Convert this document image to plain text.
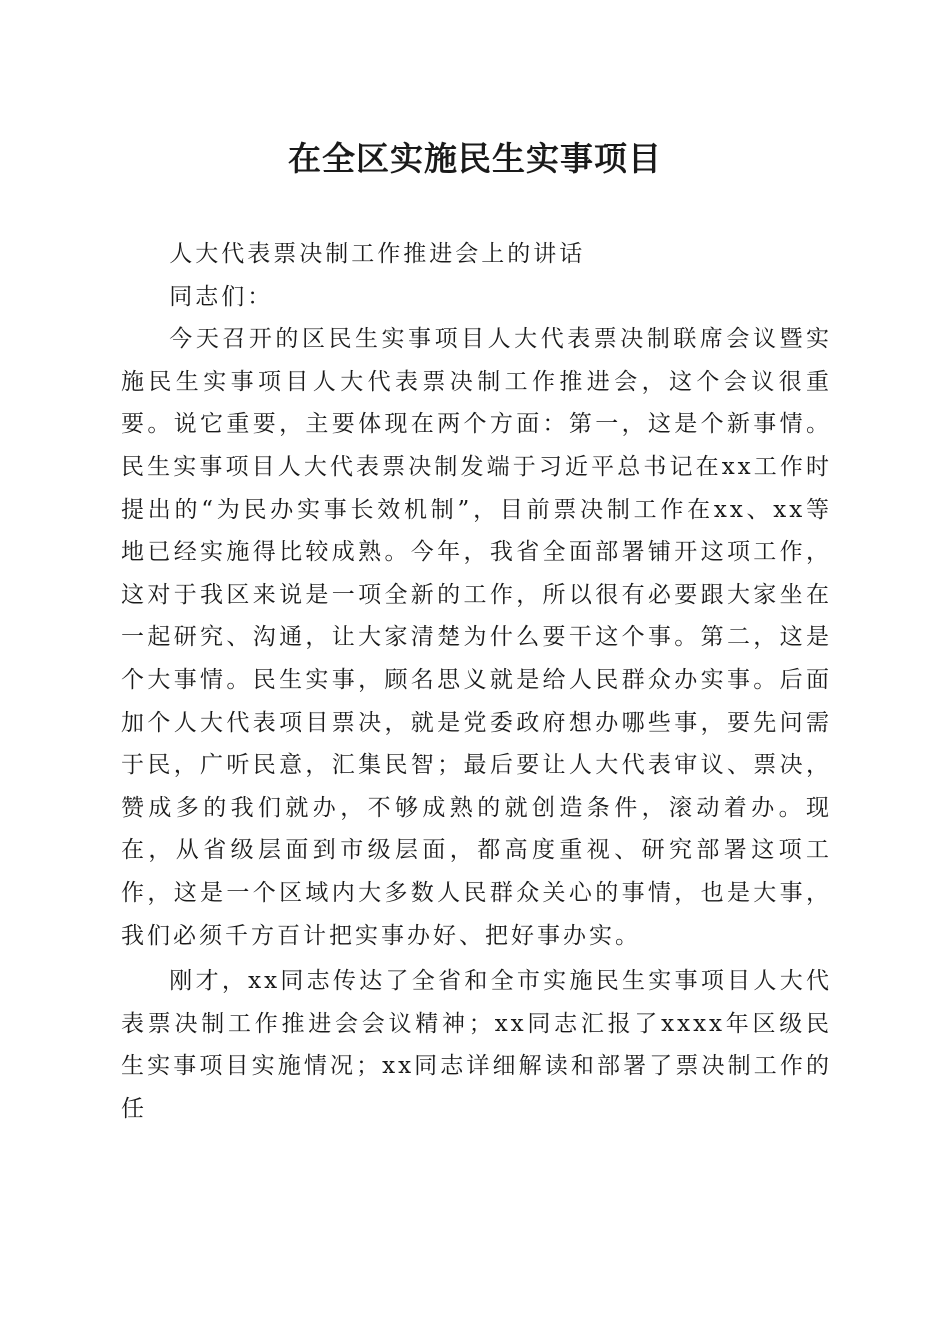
在全区实施民生实事项目

人大代表票决制工作推进会上的讲话

同志们：

今天召开的区民生实事项目人大代表票决制联席会议暨实施民生实事项目人大代表票决制工作推进会，这个会议很重要。说它重要，主要体现在两个方面：第一，这是个新事情。民生实事项目人大代表票决制发端于习近平总书记在xx工作时提出的“为民办实事长效机制”，目前票决制工作在xx、xx等地已经实施得比较成熟。今年，我省全面部署铺开这项工作，这对于我区来说是一项全新的工作，所以很有必要跟大家坐在一起研究、沟通，让大家清楚为什么要干这个事。第二，这是个大事情。民生实事，顾名思义就是给人民群众办实事。后面加个人大代表项目票决，就是党委政府想办哪些事，要先问需于民，广听民意，汇集民智；最后要让人大代表审议、票决，赞成多的我们就办，不够成熟的就创造条件，滚动着办。现在，从省级层面到市级层面，都高度重视、研究部署这项工作，这是一个区域内大多数人民群众关心的事情，也是大事，我们必须千方百计把实事办好、把好事办实。

刚才，xx同志传达了全省和全市实施民生实事项目人大代表票决制工作推进会会议精神；xx同志汇报了xxxx年区级民生实事项目实施情况；xx同志详细解读和部署了票决制工作的任
